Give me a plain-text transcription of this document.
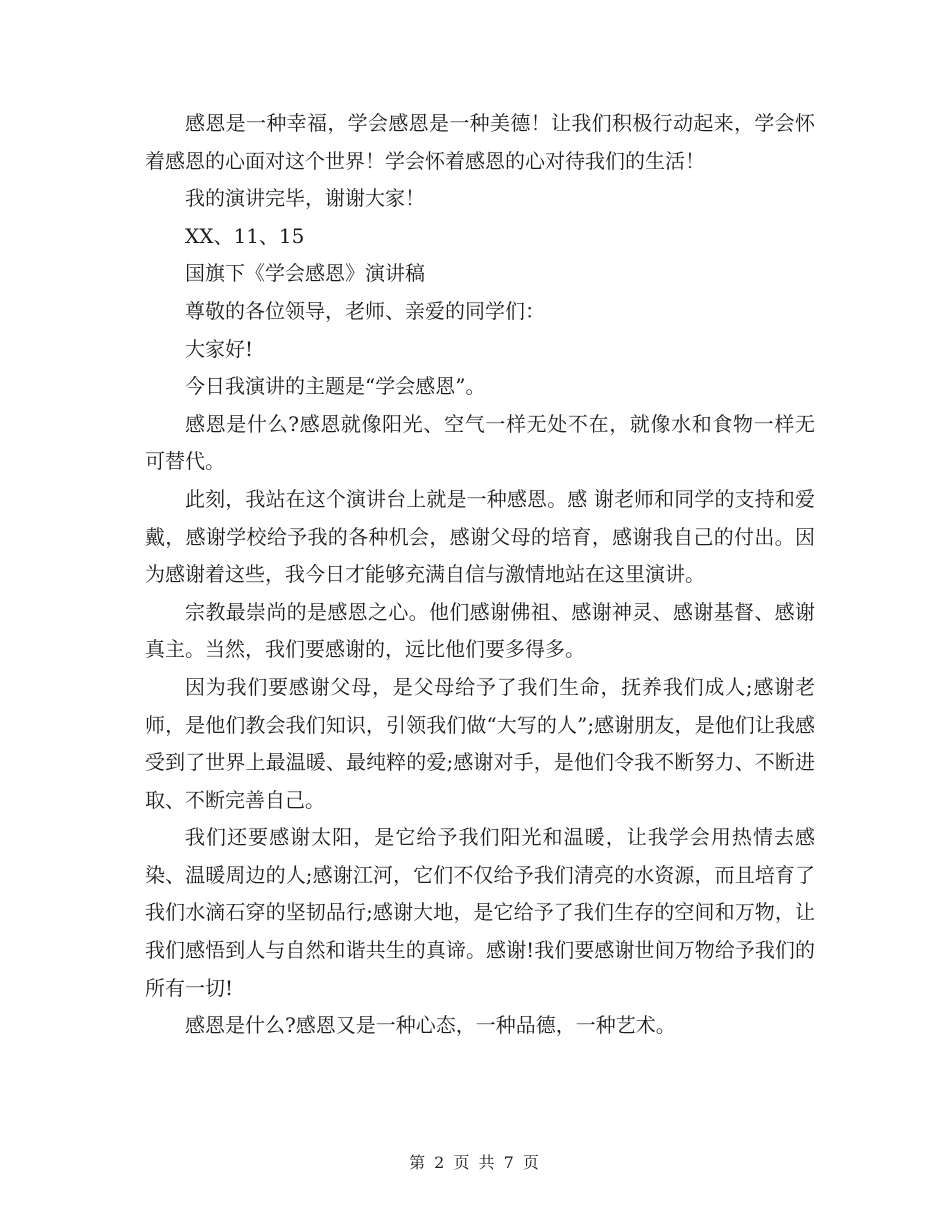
感恩是一种幸福，学会感恩是一种美德！让我们积极行动起来，学会怀着感恩的心面对这个世界！学会怀着感恩的心对待我们的生活！

我的演讲完毕，谢谢大家！

XX、11、15

国旗下《学会感恩》演讲稿

尊敬的各位领导，老师、亲爱的同学们：

大家好!

今日我演讲的主题是“学会感恩”。

感恩是什么?感恩就像阳光、空气一样无处不在，就像水和食物一样无可替代。

此刻，我站在这个演讲台上就是一种感恩。感 谢老师和同学的支持和爱戴，感谢学校给予我的各种机会，感谢父母的培育，感谢我自己的付出。因为感谢着这些，我今日才能够充满自信与激情地站在这里演讲。

宗教最崇尚的是感恩之心。他们感谢佛祖、感谢神灵、感谢基督、感谢真主。当然，我们要感谢的，远比他们要多得多。

因为我们要感谢父母，是父母给予了我们生命，抚养我们成人;感谢老师，是他们教会我们知识，引领我们做“大写的人”;感谢朋友，是他们让我感受到了世界上最温暖、最纯粹的爱;感谢对手，是他们令我不断努力、不断进取、不断完善自己。

我们还要感谢太阳，是它给予我们阳光和温暖，让我学会用热情去感染、温暖周边的人;感谢江河，它们不仅给予我们清亮的水资源，而且培育了我们水滴石穿的坚韧品行;感谢大地，是它给予了我们生存的空间和万物，让我们感悟到人与自然和谐共生的真谛。感谢!我们要感谢世间万物给予我们的所有一切!

感恩是什么?感恩又是一种心态，一种品德，一种艺术。

第 2 页 共 7 页
